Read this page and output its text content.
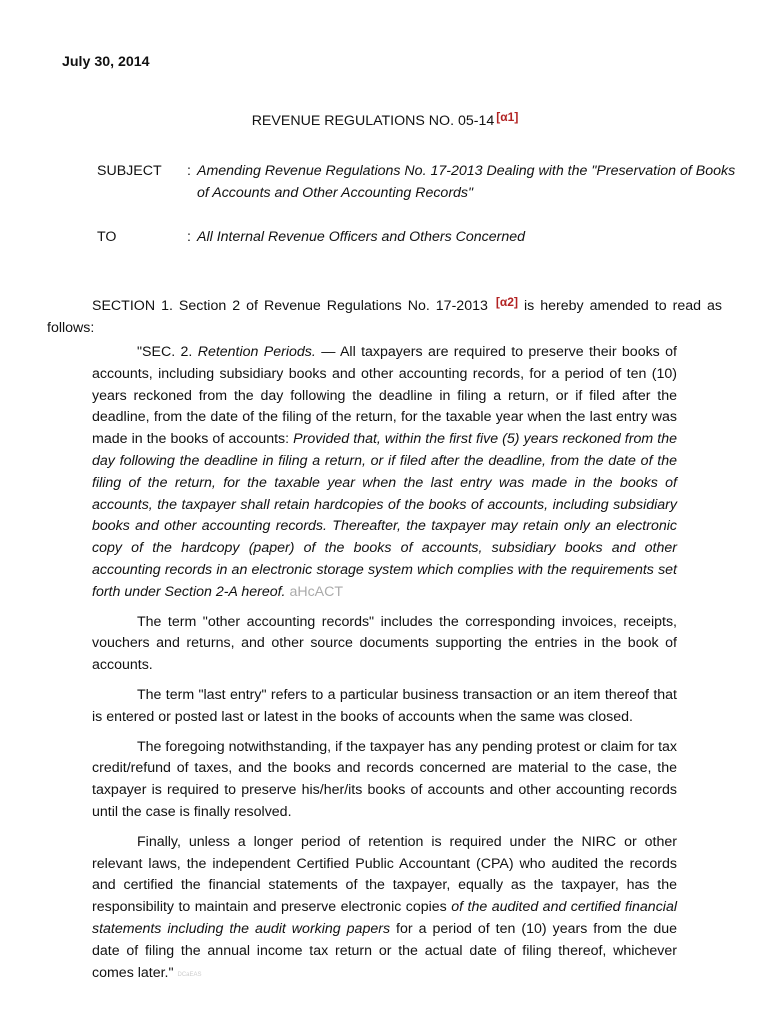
July 30, 2014
REVENUE REGULATIONS NO. 05-14 [α1]
SUBJECT	: Amending Revenue Regulations No. 17-2013 Dealing with the "Preservation of Books of Accounts and Other Accounting Records"
TO	: All Internal Revenue Officers and Others Concerned
SECTION 1. Section 2 of Revenue Regulations No. 17-2013 [α2] is hereby amended to read as follows:

"SEC. 2. Retention Periods. — All taxpayers are required to preserve their books of accounts, including subsidiary books and other accounting records, for a period of ten (10) years reckoned from the day following the deadline in filing a return, or if filed after the deadline, from the date of the filing of the return, for the taxable year when the last entry was made in the books of accounts: Provided that, within the first five (5) years reckoned from the day following the deadline in filing a return, or if filed after the deadline, from the date of the filing of the return, for the taxable year when the last entry was made in the books of accounts, the taxpayer shall retain hardcopies of the books of accounts, including subsidiary books and other accounting records. Thereafter, the taxpayer may retain only an electronic copy of the hardcopy (paper) of the books of accounts, subsidiary books and other accounting records in an electronic storage system which complies with the requirements set forth under Section 2-A hereof. aHcACT

The term "other accounting records" includes the corresponding invoices, receipts, vouchers and returns, and other source documents supporting the entries in the book of accounts.

The term "last entry" refers to a particular business transaction or an item thereof that is entered or posted last or latest in the books of accounts when the same was closed.

The foregoing notwithstanding, if the taxpayer has any pending protest or claim for tax credit/refund of taxes, and the books and records concerned are material to the case, the taxpayer is required to preserve his/her/its books of accounts and other accounting records until the case is finally resolved.

Finally, unless a longer period of retention is required under the NIRC or other relevant laws, the independent Certified Public Accountant (CPA) who audited the records and certified the financial statements of the taxpayer, equally as the taxpayer, has the responsibility to maintain and preserve electronic copies of the audited and certified financial statements including the audit working papers for a period of ten (10) years from the due date of filing the annual income tax return or the actual date of filing thereof, whichever comes later." DCaEAS
